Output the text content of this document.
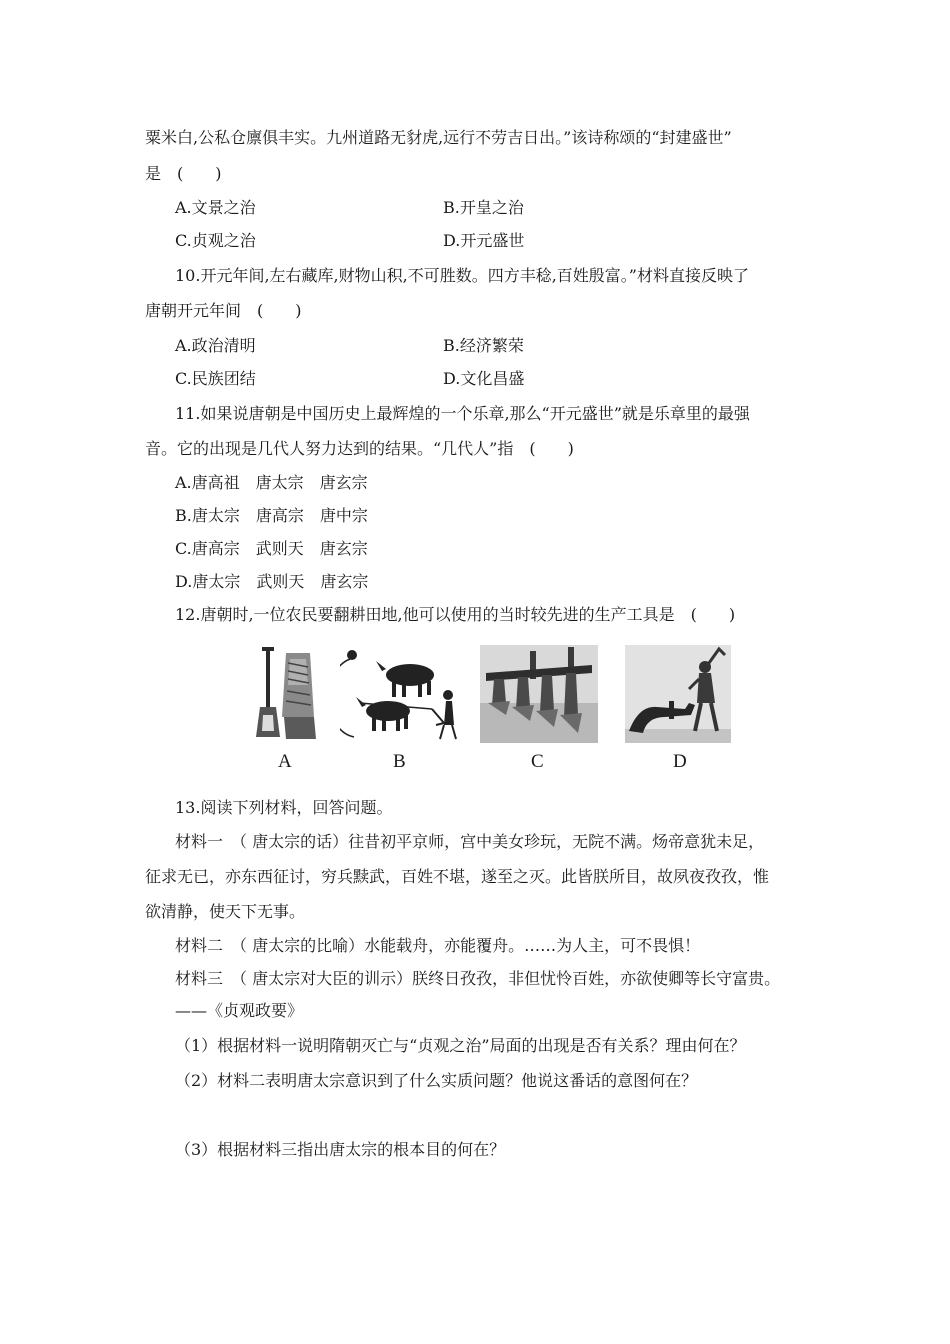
粟米白,公私仓廪俱丰实。九州道路无豺虎,远行不劳吉日出。”该诗称颂的“封建盛世”
是　(　　)
A.文景之治	B.开皇之治
C.贞观之治	D.开元盛世
10.开元年间,左右藏库,财物山积,不可胜数。四方丰稔,百姓殷富。”材料直接反映了
唐朝开元年间　(　　)
A.政治清明	B.经济繁荣
C.民族团结	D.文化昌盛
11.如果说唐朝是中国历史上最辉煌的一个乐章,那么“开元盛世”就是乐章里的最强
音。它的出现是几代人努力达到的结果。“几代人”指　(　　)
A.唐高祖　唐太宗　唐玄宗
B.唐太宗　唐高宗　唐中宗
C.唐高宗　武则天　唐玄宗
D.唐太宗　武则天　唐玄宗
12.唐朝时,一位农民要翻耕田地,他可以使用的当时较先进的生产工具是　(　　)
A	B	C	D
13.阅读下列材料，回答问题。
材料一　（ 唐太宗的话）往昔初平京师，宫中美女珍玩，无院不满。炀帝意犹未足，
征求无已，亦东西征讨，穷兵黩武，百姓不堪，遂至之灭。此皆朕所目，故夙夜孜孜，惟
欲清静，使天下无事。
材料二　（ 唐太宗的比喻）水能载舟，亦能覆舟。……为人主，可不畏惧！
材料三　（ 唐太宗对大臣的训示）朕终日孜孜，非但忧怜百姓，亦欲使卿等长守富贵。
——《贞观政要》
（1）根据材料一说明隋朝灭亡与“贞观之治”局面的出现是否有关系？理由何在？
（2）材料二表明唐太宗意识到了什么实质问题？他说这番话的意图何在？
（3）根据材料三指出唐太宗的根本目的何在？
